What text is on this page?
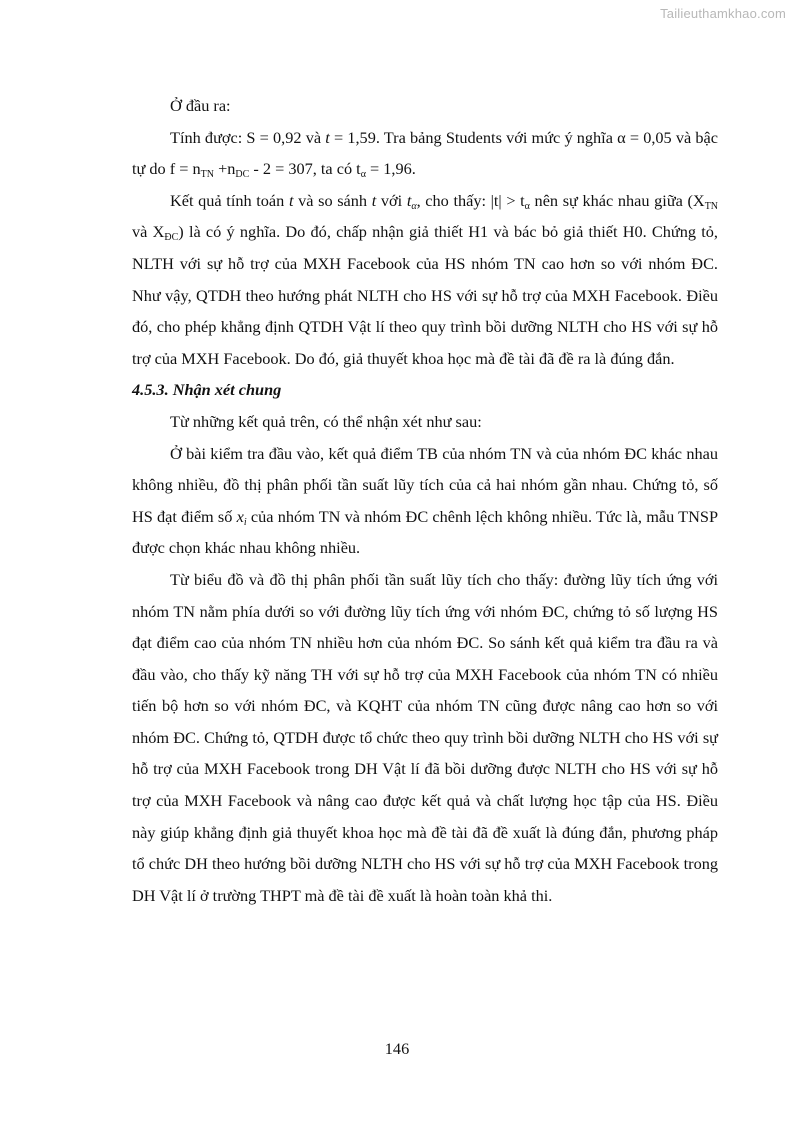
Tailieuthamkhao.com

Ở đầu ra:

Tính được: S = 0,92 và t = 1,59. Tra bảng Students với mức ý nghĩa α = 0,05 và bậc tự do $f = n_{TN} +n_{DC} - 2 = 307$, ta có $t_\alpha = 1,96$.

Kết quả tính toán t và so sánh t với $t_\alpha$, cho thấy: $|t| > t_\alpha$ nên sự khác nhau giữa ($X_{TN}$ và $X_{ĐC}$) là có ý nghĩa. Do đó, chấp nhận giả thiết H1 và bác bỏ giả thiết H0. Chứng tỏ, NLTH với sự hỗ trợ của MXH Facebook của HS nhóm TN cao hơn so với nhóm ĐC. Như vậy, QTDH theo hướng phát NLTH cho HS với sự hỗ trợ của MXH Facebook. Điều đó, cho phép khẳng định QTDH Vật lí theo quy trình bồi dưỡng NLTH cho HS với sự hỗ trợ của MXH Facebook. Do đó, giả thuyết khoa học mà đề tài đã đề ra là đúng đắn.

4.5.3. Nhận xét chung

Từ những kết quả trên, có thể nhận xét như sau:

Ở bài kiểm tra đầu vào, kết quả điểm TB của nhóm TN và của nhóm ĐC khác nhau không nhiều, đồ thị phân phối tần suất lũy tích của cả hai nhóm gần nhau. Chứng tỏ, số HS đạt điểm số $x_i$ của nhóm TN và nhóm ĐC chênh lệch không nhiều. Tức là, mẫu TNSP được chọn khác nhau không nhiều.

Từ biểu đồ và đồ thị phân phối tần suất lũy tích cho thấy: đường lũy tích ứng với nhóm TN nằm phía dưới so với đường lũy tích ứng với nhóm ĐC, chứng tỏ số lượng HS đạt điểm cao của nhóm TN nhiều hơn của nhóm ĐC. So sánh kết quả kiểm tra đầu ra và đầu vào, cho thấy kỹ năng TH với sự hỗ trợ của MXH Facebook của nhóm TN có nhiều tiến bộ hơn so với nhóm ĐC, và KQHT của nhóm TN cũng được nâng cao hơn so với nhóm ĐC. Chứng tỏ, QTDH được tổ chức theo quy trình bồi dưỡng NLTH cho HS với sự hỗ trợ của MXH Facebook trong DH Vật lí đã bồi dưỡng được NLTH cho HS với sự hỗ trợ của MXH Facebook và nâng cao được kết quả và chất lượng học tập của HS. Điều này giúp khẳng định giả thuyết khoa học mà đề tài đã đề xuất là đúng đắn, phương pháp tổ chức DH theo hướng bồi dưỡng NLTH cho HS với sự hỗ trợ của MXH Facebook trong DH Vật lí ở trường THPT mà đề tài đề xuất là hoàn toàn khả thi.

146
